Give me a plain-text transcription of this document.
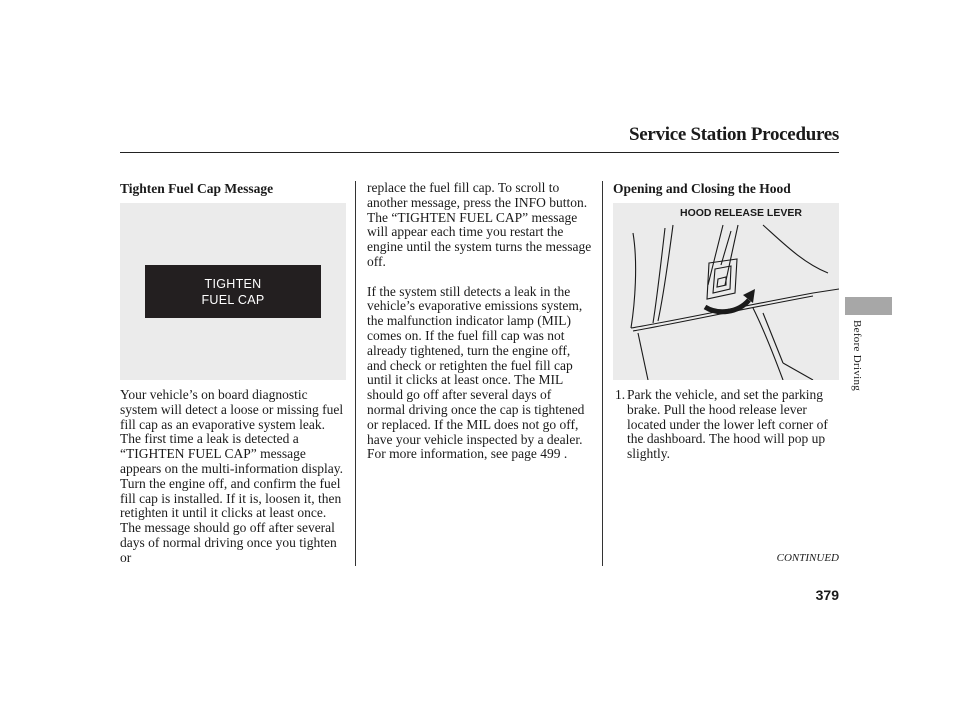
Service Station Procedures
Tighten Fuel Cap Message
TIGHTEN
FUEL CAP

Your vehicle’s on board diagnostic system will detect a loose or missing fuel fill cap as an evaporative system leak. The first time a leak is detected a “TIGHTEN FUEL CAP” message appears on the multi-information display. Turn the engine off, and confirm the fuel fill cap is installed. If it is, loosen it, then retighten it until it clicks at least once. The message should go off after several days of normal driving once you tighten or

replace the fuel fill cap. To scroll to another message, press the INFO button. The “TIGHTEN FUEL CAP” message will appear each time you restart the engine until the system turns the message off.

If the system still detects a leak in the vehicle’s evaporative emissions system, the malfunction indicator lamp (MIL) comes on. If the fuel fill cap was not already tightened, turn the engine off, and check or retighten the fuel fill cap until it clicks at least once. The MIL should go off after several days of normal driving once the cap is tightened or replaced. If the MIL does not go off, have your vehicle inspected by a dealer. For more information, see page 499 .

Opening and Closing the Hood
HOOD RELEASE LEVER
1. Park the vehicle, and set the parking brake. Pull the hood release lever located under the lower left corner of the dashboard. The hood will pop up slightly.

Before Driving
CONTINUED
379
